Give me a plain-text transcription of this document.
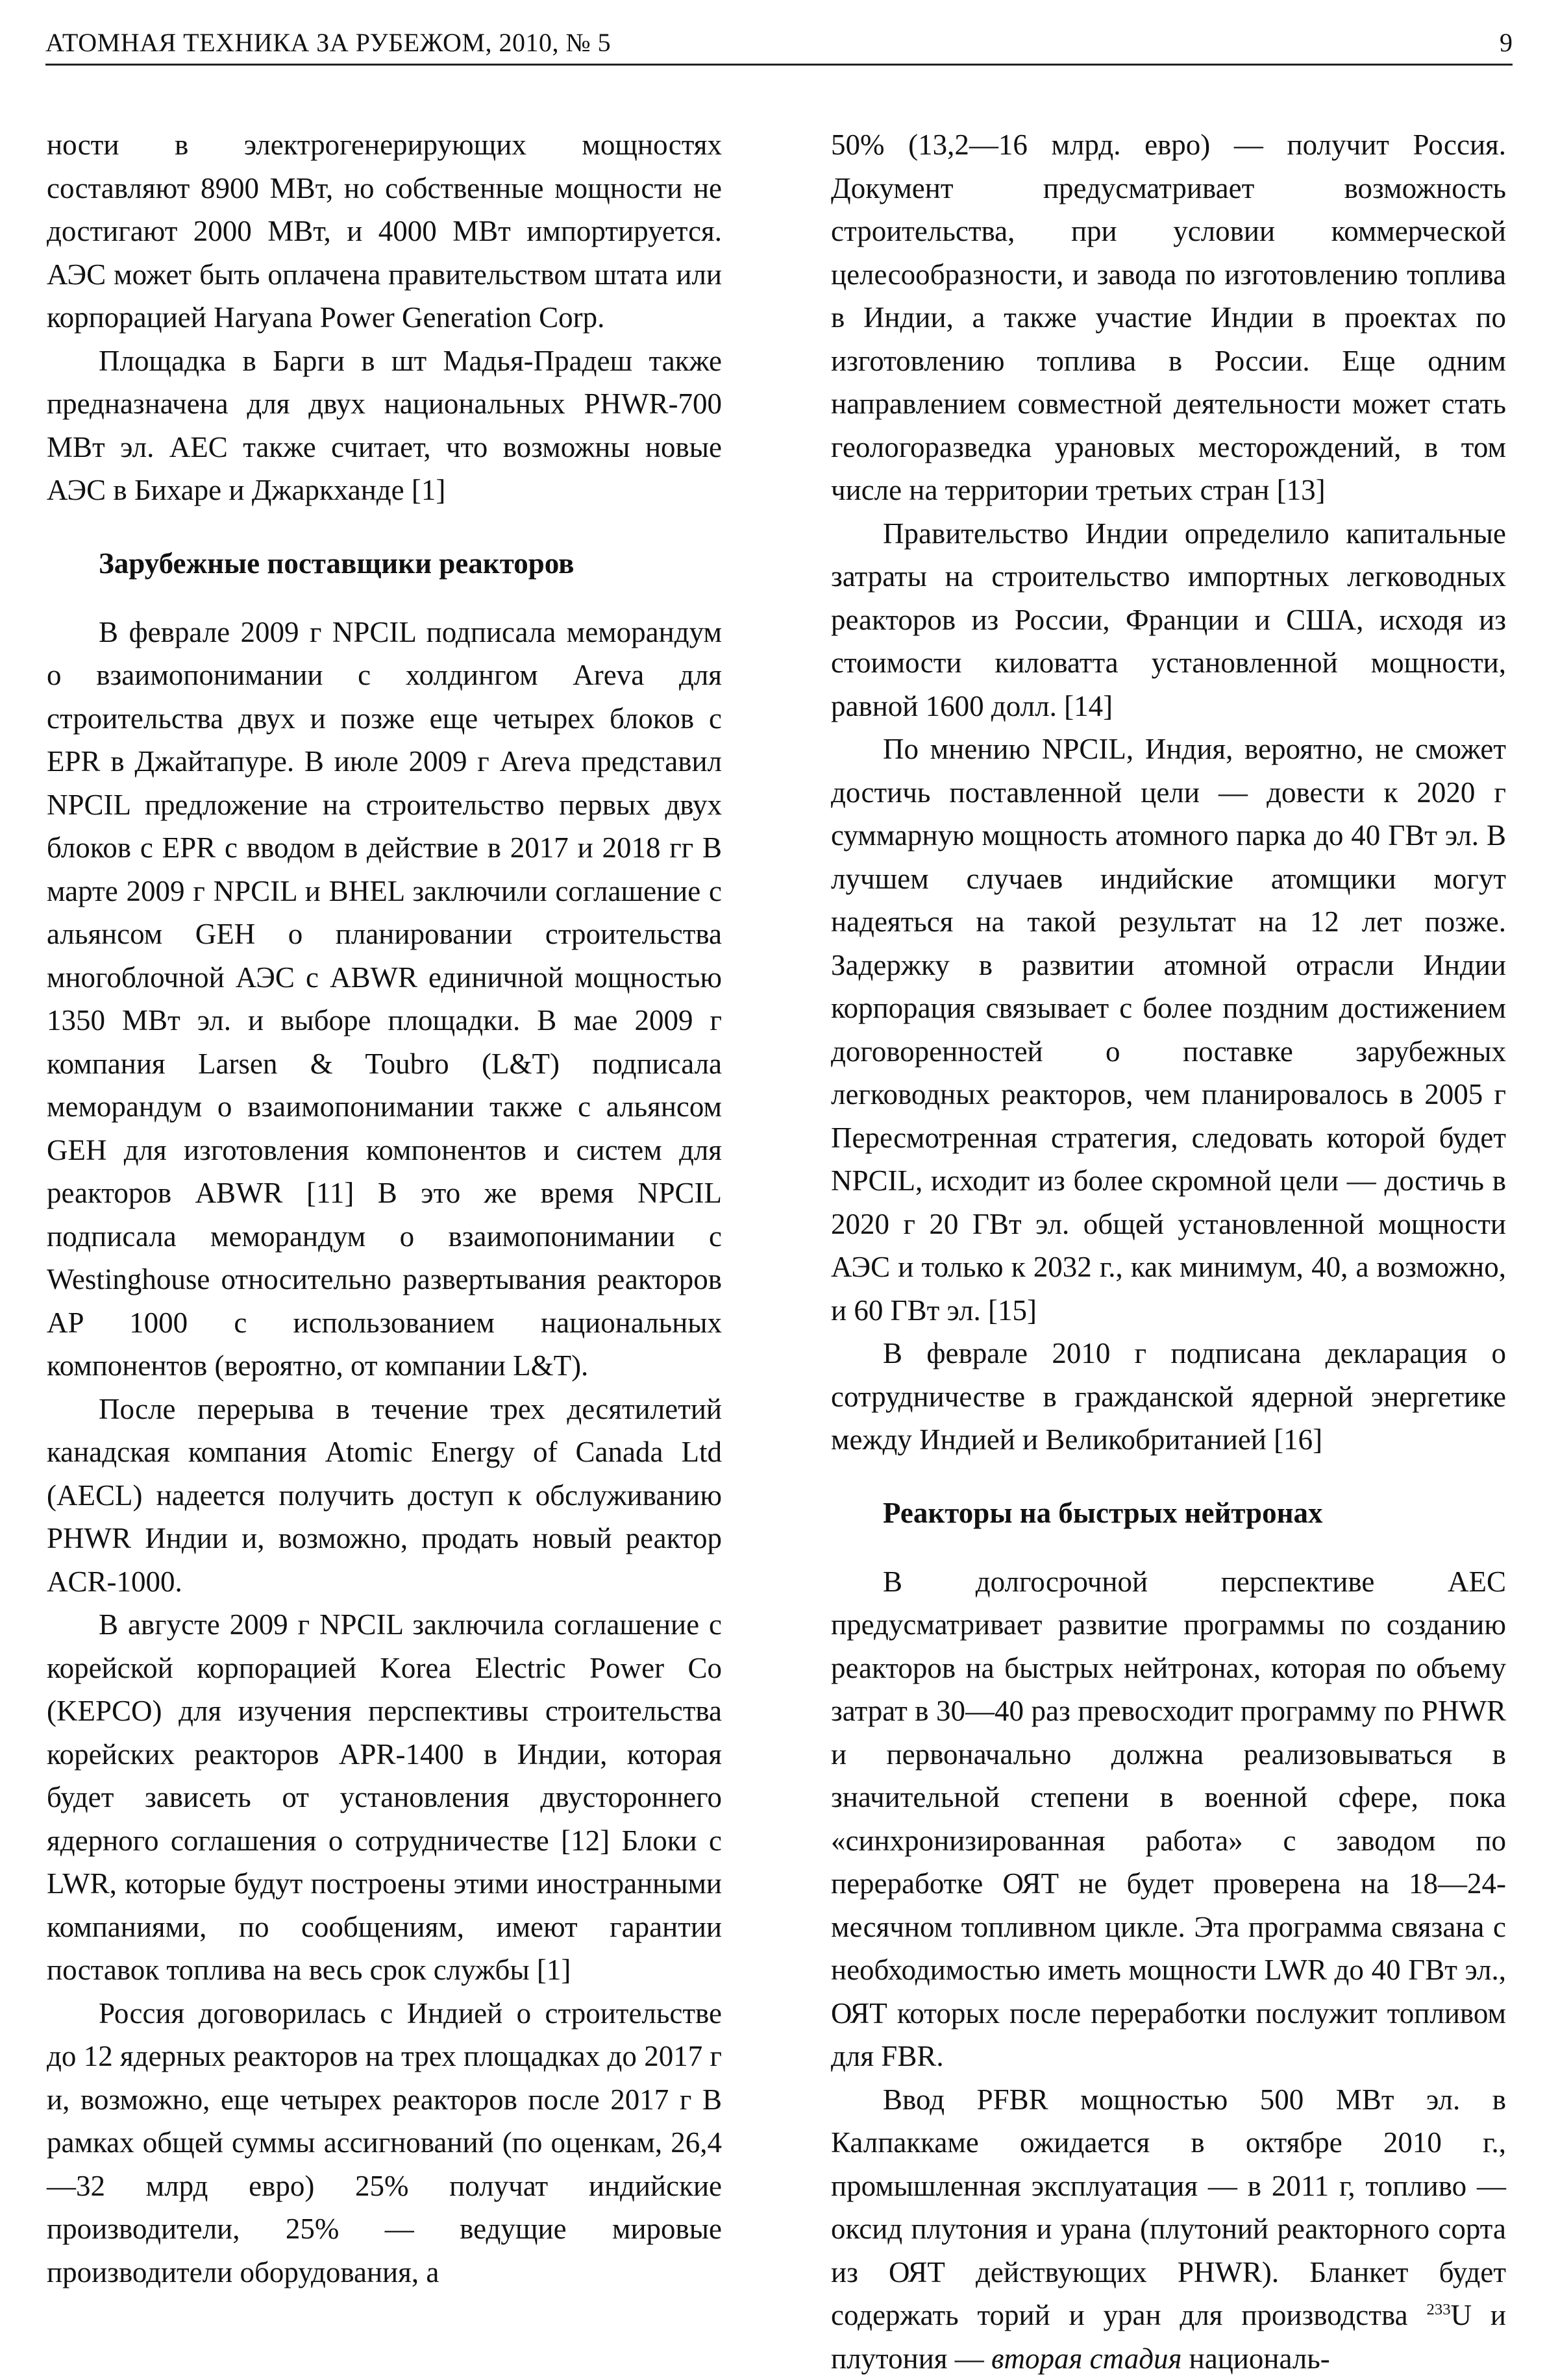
АТОМНАЯ ТЕХНИКА ЗА РУБЕЖОМ, 2010, № 5	9

ности в электрогенерирующих мощностях составляют 8900 МВт, но собственные мощности не достигают 2000 МВт, и 4000 МВт импортируется. АЭС может быть оплачена правительством штата или корпорацией Haryana Power Generation Corp.

Площадка в Барги в шт Мадья-Прадеш также предназначена для двух национальных PHWR-700 МВт эл. АЕС также считает, что возможны новые АЭС в Бихаре и Джаркханде [1]

Зарубежные поставщики реакторов

В феврале 2009 г NPCIL подписала меморандум о взаимопонимании с холдингом Areva для строительства двух и позже еще четырех блоков с EPR в Джайтапуре. В июле 2009 г Areva представил NPCIL предложение на строительство первых двух блоков с EPR с вводом в действие в 2017 и 2018 гг В марте 2009 г NPCIL и BHEL заключили соглашение с альянсом GEH о планировании строительства многоблочной АЭС с ABWR единичной мощностью 1350 МВт эл. и выборе площадки. В мае 2009 г компания Larsen & Toubro (L&T) подписала меморандум о взаимопонимании также с альянсом GEH для изготовления компонентов и систем для реакторов ABWR [11] В это же время NPCIL подписала меморандум о взаимопонимании с Westinghouse относительно развертывания реакторов AP 1000 с использованием национальных компонентов (вероятно, от компании L&T).

После перерыва в течение трех десятилетий канадская компания Atomic Energy of Canada Ltd (AECL) надеется получить доступ к обслуживанию PHWR Индии и, возможно, продать новый реактор ACR-1000.

В августе 2009 г NPCIL заключила соглашение с корейской корпорацией Korea Electric Power Co (KEPCO) для изучения перспективы строительства корейских реакторов APR-1400 в Индии, которая будет зависеть от установления двустороннего ядерного соглашения о сотрудничестве [12] Блоки с LWR, которые будут построены этими иностранными компаниями, по сообщениям, имеют гарантии поставок топлива на весь срок службы [1]

Россия договорилась с Индией о строительстве до 12 ядерных реакторов на трех площадках до 2017 г и, возможно, еще четырех реакторов после 2017 г В рамках общей суммы ассигнований (по оценкам, 26,4—32 млрд евро) 25% получат индийские производители, 25% — ведущие мировые производители оборудования, а

50% (13,2—16 млрд. евро) — получит Россия. Документ предусматривает возможность строительства, при условии коммерческой целесообразности, и завода по изготовлению топлива в Индии, а также участие Индии в проектах по изготовлению топлива в России. Еще одним направлением совместной деятельности может стать геологоразведка урановых месторождений, в том числе на территории третьих стран [13]

Правительство Индии определило капитальные затраты на строительство импортных легководных реакторов из России, Франции и США, исходя из стоимости киловатта установленной мощности, равной 1600 долл. [14]

По мнению NPCIL, Индия, вероятно, не сможет достичь поставленной цели — довести к 2020 г суммарную мощность атомного парка до 40 ГВт эл. В лучшем случаев индийские атомщики могут надеяться на такой результат на 12 лет позже. Задержку в развитии атомной отрасли Индии корпорация связывает с более поздним достижением договоренностей о поставке зарубежных легководных реакторов, чем планировалось в 2005 г Пересмотренная стратегия, следовать которой будет NPCIL, исходит из более скромной цели — достичь в 2020 г 20 ГВт эл. общей установленной мощности АЭС и только к 2032 г., как минимум, 40, а возможно, и 60 ГВт эл. [15]

В феврале 2010 г подписана декларация о сотрудничестве в гражданской ядерной энергетике между Индией и Великобританией [16]

Реакторы на быстрых нейтронах

В долгосрочной перспективе АЕС предусматривает развитие программы по созданию реакторов на быстрых нейтронах, которая по объему затрат в 30—40 раз превосходит программу по PHWR и первоначально должна реализовываться в значительной степени в военной сфере, пока «синхронизированная работа» с заводом по переработке ОЯТ не будет проверена на 18—24-месячном топливном цикле. Эта программа связана с необходимостью иметь мощности LWR до 40 ГВт эл., ОЯТ которых после переработки послужит топливом для FBR.

Ввод PFBR мощностью 500 МВт эл. в Калпаккаме ожидается в октябре 2010 г., промышленная эксплуатация — в 2011 г, топливо — оксид плутония и урана (плутоний реакторного сорта из ОЯТ действующих PHWR). Бланкет будет содержать торий и уран для производства $^{233}$U и плутония — вторая стадия националь-
